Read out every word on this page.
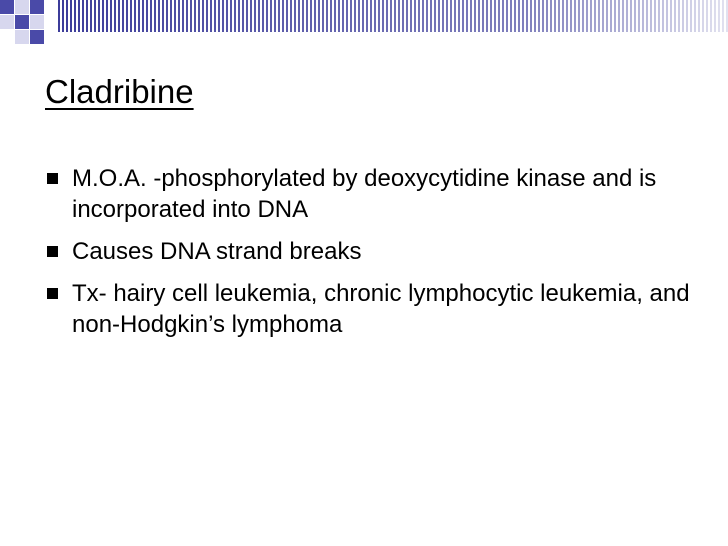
Cladribine
M.O.A. -phosphorylated by deoxycytidine kinase and is incorporated into DNA
Causes DNA strand breaks
Tx- hairy cell leukemia, chronic lymphocytic leukemia, and non-Hodgkin’s lymphoma
